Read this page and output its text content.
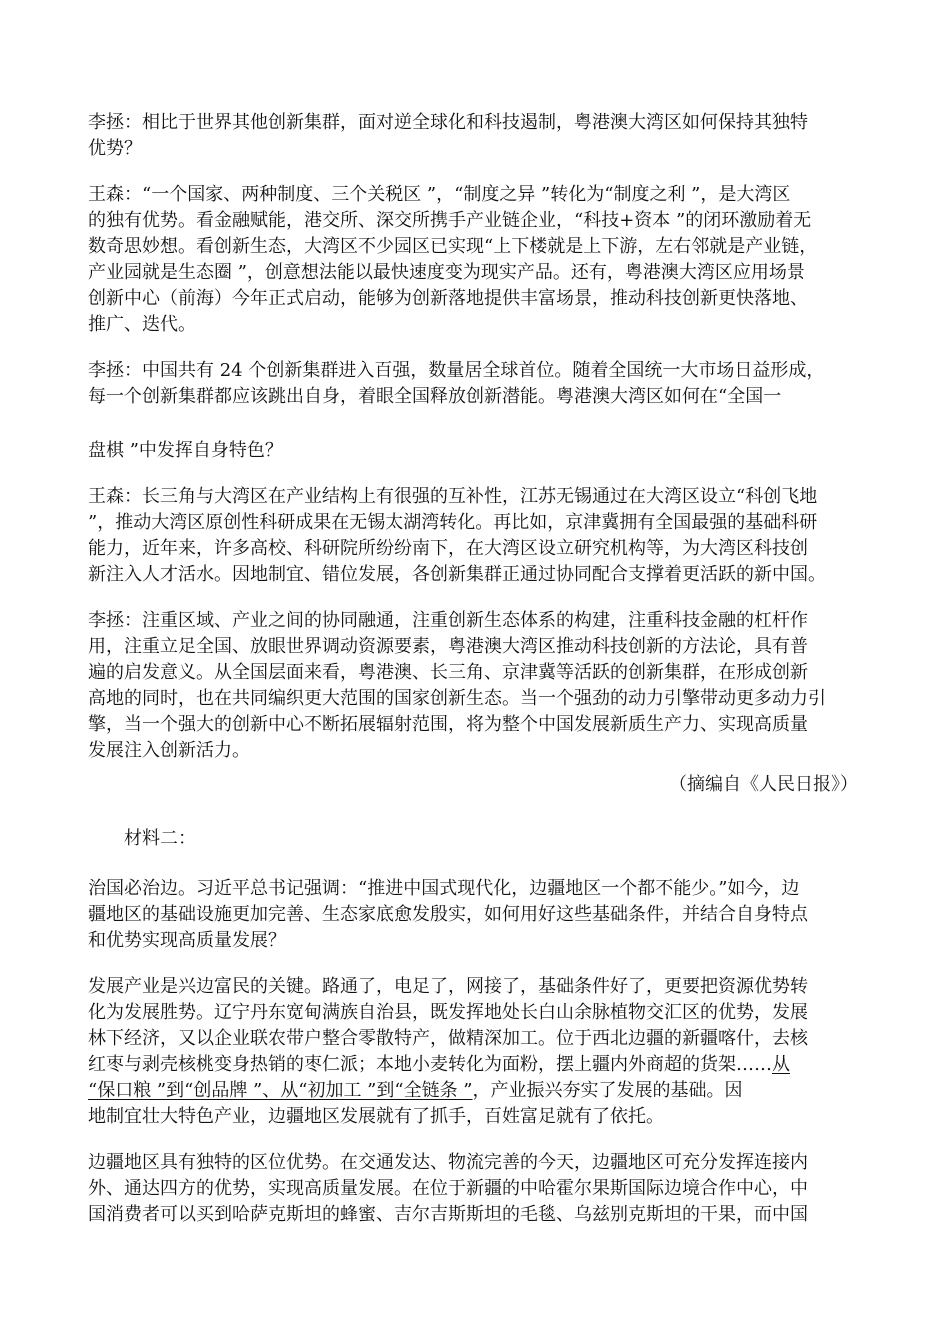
李拯：相比于世界其他创新集群，面对逆全球化和科技遏制，粤港澳大湾区如何保持其独特
优势？
王森：“一个国家、两种制度、三个关税区 ”，“制度之异 ”转化为“制度之利 ”，是大湾区
的独有优势。看金融赋能，港交所、深交所携手产业链企业，“科技+资本 ”的闭环激励着无
数奇思妙想。看创新生态，大湾区不少园区已实现“上下楼就是上下游，左右邻就是产业链，
产业园就是生态圈 ”，创意想法能以最快速度变为现实产品。还有，粤港澳大湾区应用场景
创新中心（前海）今年正式启动，能够为创新落地提供丰富场景，推动科技创新更快落地、
推广、迭代。
李拯：中国共有 24 个创新集群进入百强，数量居全球首位。随着全国统一大市场日益形成，
每一个创新集群都应该跳出自身，着眼全国释放创新潜能。粤港澳大湾区如何在“全国一
盘棋 ”中发挥自身特色？
王森：长三角与大湾区在产业结构上有很强的互补性，江苏无锡通过在大湾区设立“科创飞地
”，推动大湾区原创性科研成果在无锡太湖湾转化。再比如，京津冀拥有全国最强的基础科研
能力，近年来，许多高校、科研院所纷纷南下，在大湾区设立研究机构等，为大湾区科技创
新注入人才活水。因地制宜、错位发展，各创新集群正通过协同配合支撑着更活跃的新中国。
李拯：注重区域、产业之间的协同融通，注重创新生态体系的构建，注重科技金融的杠杆作
用，注重立足全国、放眼世界调动资源要素，粤港澳大湾区推动科技创新的方法论，具有普
遍的启发意义。从全国层面来看，粤港澳、长三角、京津冀等活跃的创新集群，在形成创新
高地的同时，也在共同编织更大范围的国家创新生态。当一个强劲的动力引擎带动更多动力引
擎，当一个强大的创新中心不断拓展辐射范围，将为整个中国发展新质生产力、实现高质量
发展注入创新活力。
（摘编自《人民日报》）
材料二：
治国必治边。习近平总书记强调：“推进中国式现代化，边疆地区一个都不能少。”如今，边
疆地区的基础设施更加完善、生态家底愈发殷实，如何用好这些基础条件，并结合自身特点
和优势实现高质量发展？
发展产业是兴边富民的关键。路通了，电足了，网接了，基础条件好了，更要把资源优势转
化为发展胜势。辽宁丹东宽甸满族自治县，既发挥地处长白山余脉植物交汇区的优势，发展
林下经济，又以企业联农带户整合零散特产，做精深加工。位于西北边疆的新疆喀什，去核
红枣与剥壳核桃变身热销的枣仁派；本地小麦转化为面粉，摆上疆内外商超的货架……从
“保口粮 ”到“创品牌 ”、从“初加工 ”到“全链条 ”，产业振兴夯实了发展的基础。因
地制宜壮大特色产业，边疆地区发展就有了抓手，百姓富足就有了依托。
边疆地区具有独特的区位优势。在交通发达、物流完善的今天，边疆地区可充分发挥连接内
外、通达四方的优势，实现高质量发展。在位于新疆的中哈霍尔果斯国际边境合作中心，中
国消费者可以买到哈萨克斯坦的蜂蜜、吉尔吉斯斯坦的毛毯、乌兹别克斯坦的干果，而中国
